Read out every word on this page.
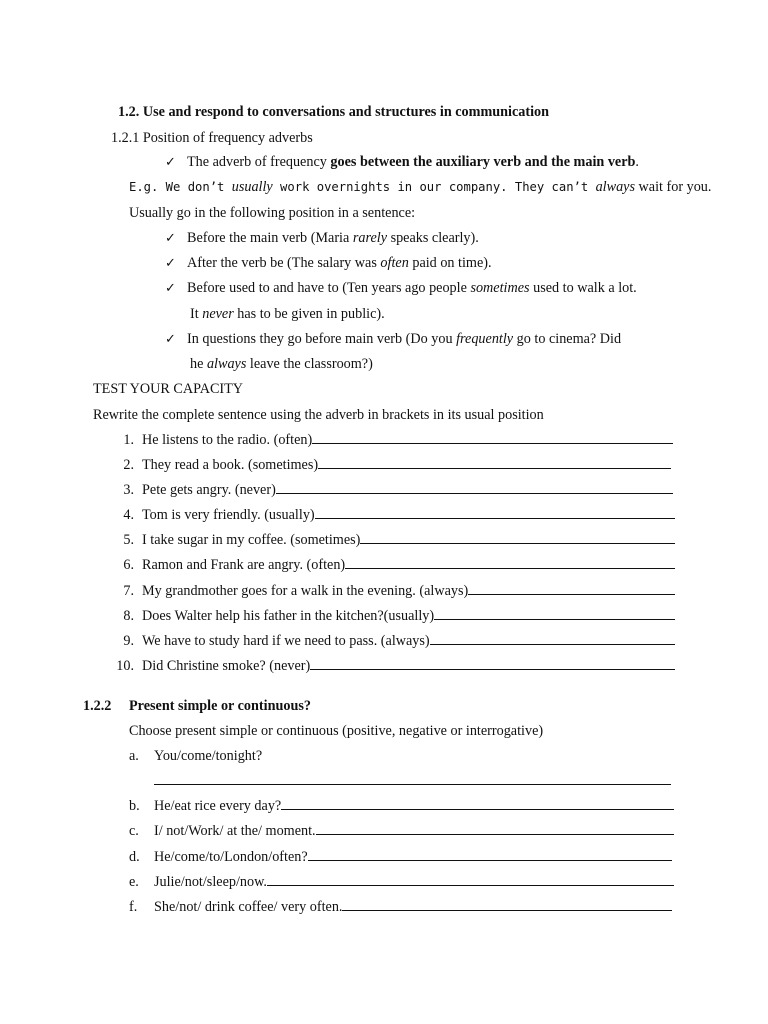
1.2. Use and respond to conversations and structures in communication
1.2.1 Position of frequency adverbs
✓ The adverb of frequency goes between the auxiliary verb and the main verb.
E.g. We don’t usually work overnights in our company. They can’t always wait for you.
Usually go in the following position in a sentence:
✓ Before the main verb (Maria rarely speaks clearly).
✓ After the verb be (The salary was often paid on time).
✓ Before used to and have to (Ten years ago people sometimes used to walk a lot.
It never has to be given in public).
✓ In questions they go before main verb (Do you frequently go to cinema? Did
he always leave the classroom?)
TEST YOUR CAPACITY
Rewrite the complete sentence using the adverb in brackets in its usual position
1. He listens to the radio. (often)
2. They read a book. (sometimes)
3. Pete gets angry. (never)
4. Tom is very friendly. (usually)
5. I take sugar in my coffee. (sometimes)
6. Ramon and Frank are angry. (often)
7. My grandmother goes for a walk in the evening. (always)
8. Does Walter help his father in the kitchen?(usually)
9. We have to study hard if we need to pass. (always)
10. Did Christine smoke? (never)
1.2.2 Present simple or continuous?
Choose present simple or continuous (positive, negative or interrogative)
a. You/come/tonight?
b.	He/eat rice every day?
c.	I/ not/Work/ at the/ moment.
d.	He/come/to/London/often?
e.	Julie/not/sleep/now.
f.	She/not/ drink coffee/ very often.
